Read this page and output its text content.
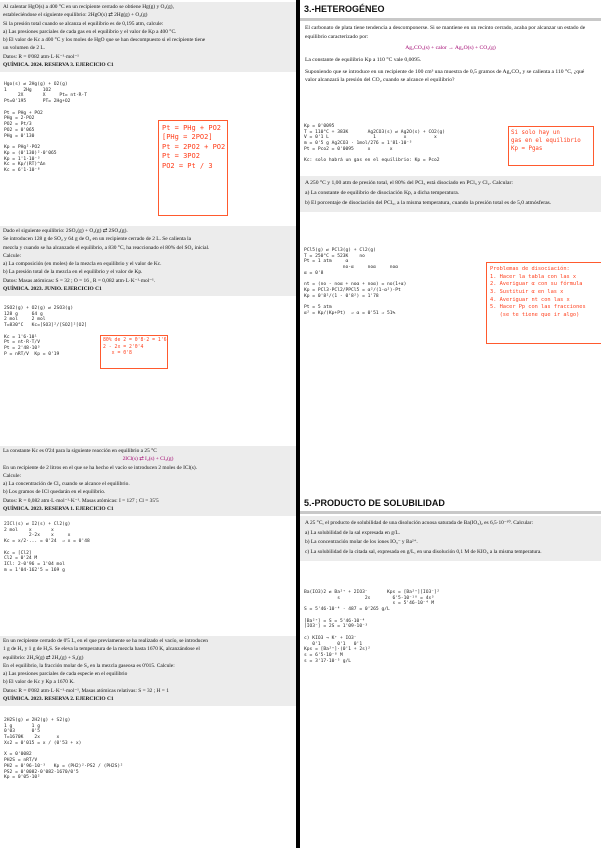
Al calentar HgO(s) a 400 °C en un recipiente cerrado se obtiene Hg(g) y O₂(g),

estableciéndose el siguiente equilibrio: 2HgO(s) ⇄ 2Hg(g) + O₂(g)

Si la presión total cuando se alcanza el equilibrio es de 0,195 atm, calcule:

a) Las presiones parciales de cada gas en el equilibrio y el valor de Kp a 400 °C.

b) El valor de Kc a 400 °C y los moles de HgO que se han descompuesto si el recipiente tiene

un volumen de 2 L.

Datos: R = 0'082 atm·L·K⁻¹·mol⁻¹

QUÍMICA. 2024. RESERVA 3. EJERCICIO C1

Hgo(s) ⇄ 2Hg(g) + O2(g)
1      2Hg    1O2
2X       X     Pt= nt·R·T
Pt=0'195      PT= 2Hg+O2

Pt = PHg + PO2
PHg = 2·PO2
PO2 = Pt/3
PO2 = 0'065
PHg = 0'130

Kp = PHg²·PO2
Kp = (0'130)²·0'065
Kp = 1'1·10⁻³
Kc = Kp/(RT)^Δn
Kc = 6'1·10⁻⁸
Pt = PHg + PO2
[PHg = 2PO2]
Pt = 2PO2 + PO2
Pt = 3PO2
PO2 = Pt / 3

Dado el siguiente equilibrio: 2SO₂(g) + O₂(g) ⇄ 2SO₃(g).

Se introducen 128 g de SO₂ y 64 g de O₂ en un recipiente cerrado de 2 L. Se calienta la

mezcla y cuando se ha alcanzado el equilibrio, a 830 °C, ha reaccionado el 80% del SO₂ inicial.

Calcule:

a) La composición (en moles) de la mezcla en equilibrio y el valor de Kc.

b) La presión total de la mezcla en el equilibrio y el valor de Kp.

Datos: Masas atómicas: S = 32 ; O = 16 , R = 0,082 atm·L·K⁻¹·mol⁻¹.

QUÍMICA. 2023. JUNIO. EJERCICIO C1

2SO2(g) + O2(g) ⇄ 2SO3(g)
128 g     64 g
2 mol     2 mol
T=830°C   Kc=[SO3]²/[SO2]²[O2]

Kc = 1'6·10¹
Pt = nt·R·T/V
Pt = 2'48·10³
P = nRT/V  Kp = 0'19
80% de 2 = 0'8·2 = 1'6
2 - 2x = 2'0'4
x = 0'8

La constante Kc es 0'24 para la siguiente reacción en equilibrio a 25 °C

2ICl(s) ⇄ I₂(s) + Cl₂(g)

En un recipiente de 2 litros en el que se ha hecho el vacío se introducen 2 moles de ICl(s).

Calcule:

a) La concentración de Cl₂ cuando se alcance el equilibrio.

b) Los gramos de ICl quedarán en el equilibrio.

Datos: R = 0,082 atm·L·mol⁻¹·K⁻¹. Masas atómicas: I = 127 ; Cl = 35'5

QUÍMICA. 2023. RESERVA 1. EJERCICIO C1

2ICl(s) ⇄ I2(s) + Cl2(g)
2 mol    x       x
2-2x    x     x
Kc = x/2·... = 0'24  ⇒ x = 0'48

Kc = [Cl2]
Cl2 = 0'24 M
ICl: 2-0'96 = 1'04 mol
m = 1'04·162'5 = 169 g

En un recipiente cerrado de 0'5 L, en el que previamente se ha realizado el vacío, se introducen

1 g de H₂ y 1 g de H₂S. Se eleva la temperatura de la mezcla hasta 1670 K, alcanzándose el

equilibrio: 2H₂S(g) ⇄ 2H₂(g) + S₂(g)

En el equilibrio, la fracción molar de S₂ en la mezcla gaseosa es 0'015. Calcule:

a) Las presiones parciales de cada especie en el equilibrio

b) El valor de Kc y Kp a 1670 K.

Datos: R = 0'082 atm·L·K⁻¹·mol⁻¹, Masas atómicas relativas: S = 32 ; H = 1

QUÍMICA. 2023. RESERVA 2. EJERCICIO C1

2H2S(g) ⇄ 2H2(g) + S2(g)
1 g       1 g
0'03      0'5
T=1670K    2x      x
Xs2 = 0'015 = x / (0'53 + x)

X = 0'0082
PH2S = nRT/V
PH2 = 0'96·10⁻³   Kp = (PH2)²·PS2 / (PH2S)²
PS2 = 0'0082·0'082·1670/0'5
Kp = 0'05·10²
3.-HETEROGÉNEO

El carbonato de plata tiene tendencia a descomponerse. Si se mantiene en un recinto cerrado, acaba por alcanzar un estado de equilibrio caracterizado por:

Ag₂CO₃(s) + calor → Ag₂O(s) + CO₂(g)

La constante de equilibrio Kp a 110 °C vale 0,0095.

Suponiendo que se introduce en un recipiente de 100 cm³ una muestra de 0,5 gramos de Ag₂CO₃ y se calienta a 110 °C, ¿qué valor alcanzará la presión del CO₂ cuando se alcance el equilibrio?

Kp = 0'0095
T = 110°C + 383K       Ag2CO3(s) ⇄ Ag2O(s) + CO2(g)
V = 0'1 L                1          x          x
m = 0'5 g Ag2CO3 · 1mol/276 = 1'81·10⁻³
Pt = Pco2 = 0'0095     x       x

Kc: solo habrá un gas en el equilibrio: Kp = Pco2
Si solo hay un
gas en el equilibrio
Kp = Pgas

A 250 °C y 1,00 atm de presión total, el 80% del PCl₅ está disociado en PCl₃ y Cl₂. Calcular:

a) La constante de equilibrio de disociación Kp, a dicha temperatura.

b) El porcentaje de disociación del PCl₅, a la misma temperatura, cuando la presión total es de 5,0 atmósferas.

PCl5(g) ⇄ PCl3(g) + Cl2(g)
T = 250°C = 523K    no
Pt = 1 atm     α
no-α     noα     noα
α = 0'8

nt = (no - noα + noα + noα) = no(1+α)
Kp = PCl3·PCl2/PPCl5 = α²/(1-α²)·Pt
Kp = 0'8²/(1 - 0'8²) = 1'78

Pt = 5 atm
α² = Kp/(Kp+Pt)  ⇒ α = 0'51 ⇒ 51%
Problemas de disociación:
1. Hacer la tabla con las x
2. Averiguar α con su fórmula
3. Sustituir α en las x
4. Averiguar nt con las x
5. Hacer Pp con las fracciones
(se te tiene que ir algo)
5.-PRODUCTO DE SOLUBILIDAD

A 25 °C, el producto de solubilidad de una disolución acuosa saturada de Ba(IO₃)₂ es 6,5·10⁻¹⁰. Calcular:

a) La solubilidad de la sal expresada en g/L.

b) La concentración molar de los iones IO₃⁻ y Ba²⁺.

c) La solubilidad de la citada sal, expresada en g/L, en una disolución 0,1 M de KIO₃ a la misma temperatura.

Ba(IO3)2 ⇄ Ba²⁺ + 2IO3⁻       Kps = [Ba²⁺][IO3⁻]²
s         2s        6'5·10⁻¹⁰ = 4s³
s = 5'46·10⁻⁴ M
S = 5'46·10⁻⁴ · 487 = 0'265 g/L

[Ba²⁺] = S = 5'46·10⁻⁴
[IO3⁻] = 2S = 1'09·10⁻³

c) KIO3 → K⁺ + IO3⁻
0'1      0'1   0'1
Kps = [Ba²⁺]·(0'1 + 2s)²
s = 6'5·10⁻⁸ M
s = 3'17·10⁻⁵ g/L
